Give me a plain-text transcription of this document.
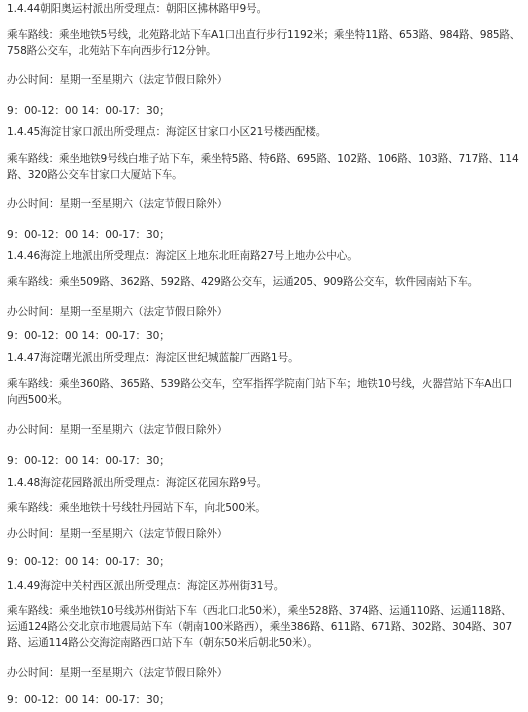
1.4.44朝阳奥运村派出所受理点：朝阳区拂林路甲9号。
乘车路线：乘坐地铁5号线，北苑路北站下车A1口出直行步行1192米；乘坐特11路、653路、984路、985路、758路公交车，北苑站下车向西步行12分钟。
办公时间：星期一至星期六（法定节假日除外）
9：00-12：00 14：00-17：30；
1.4.45海淀甘家口派出所受理点：海淀区甘家口小区21号楼西配楼。
乘车路线：乘坐地铁9号线白堆子站下车，乘坐特5路、特6路、695路、102路、106路、103路、717路、114路、320路公交车甘家口大厦站下车。
办公时间：星期一至星期六（法定节假日除外）
9：00-12：00 14：00-17：30；
1.4.46海淀上地派出所受理点：海淀区上地东北旺南路27号上地办公中心。
乘车路线：乘坐509路、362路、592路、429路公交车，运通205、909路公交车，软件园南站下车。
办公时间：星期一至星期六（法定节假日除外）
9：00-12：00 14：00-17：30；
1.4.47海淀曙光派出所受理点：海淀区世纪城蓝靛厂西路1号。
乘车路线：乘坐360路、365路、539路公交车，空军指挥学院南门站下车；地铁10号线，火器营站下车A出口向西500米。
办公时间：星期一至星期六（法定节假日除外）
9：00-12：00 14：00-17：30；
1.4.48海淀花园路派出所受理点：海淀区花园东路9号。
乘车路线：乘坐地铁十号线牡丹园站下车，向北500米。
办公时间：星期一至星期六（法定节假日除外）
9：00-12：00 14：00-17：30；
1.4.49海淀中关村西区派出所受理点：海淀区苏州街31号。
乘车路线：乘坐地铁10号线苏州街站下车（西北口北50米），乘坐528路、374路、运通110路、运通118路、运通124路公交北京市地震局站下车（朝南100米路西），乘坐386路、611路、671路、302路、304路、307路、运通114路公交海淀南路西口站下车（朝东50米后朝北50米）。
办公时间：星期一至星期六（法定节假日除外）
9：00-12：00 14：00-17：30；
